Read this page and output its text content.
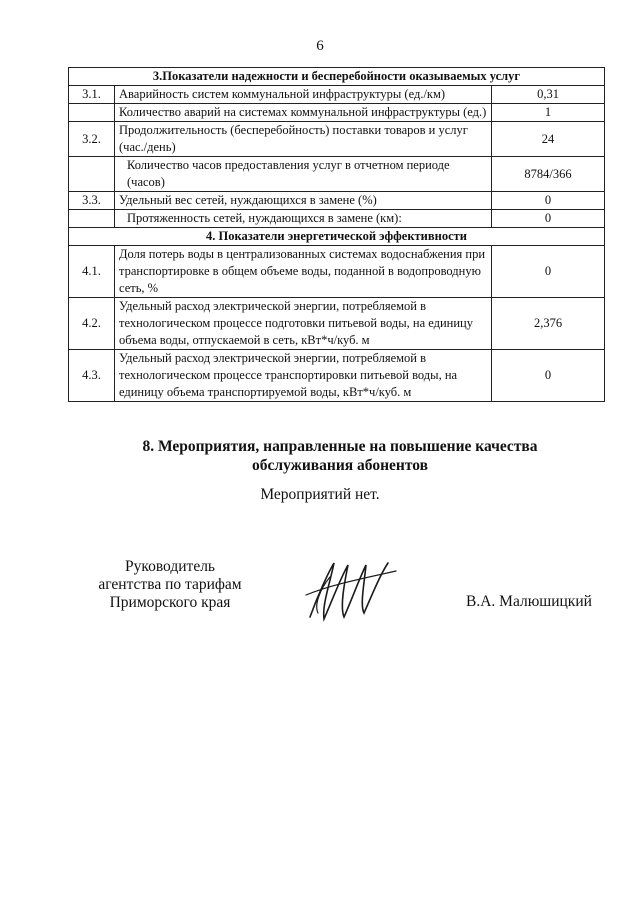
6
3.Показатели надежности и бесперебойности оказываемых услуг		
3.1.	Аварийность систем коммунальной инфраструктуры (ед./км)	0,31
	Количество аварий на системах коммунальной инфраструктуры (ед.)	1
3.2.	Продолжительность (бесперебойность) поставки товаров и услуг (час./день)	24
	Количество часов предоставления услуг в отчетном периоде (часов)	8784/366
3.3.	Удельный вес сетей, нуждающихся в замене (%)	0
	Протяженность сетей, нуждающихся в замене (км):	0
4. Показатели энергетической эффективности		
4.1.	Доля потерь воды в централизованных системах водоснабжения при транспортировке в общем объеме воды, поданной в водопроводную сеть, %	0
4.2.	Удельный расход электрической энергии, потребляемой в технологическом процессе подготовки питьевой воды, на единицу объема воды, отпускаемой в сеть, кВт*ч/куб. м	2,376
4.3.	Удельный расход электрической энергии, потребляемой в технологическом процессе транспортировки питьевой воды, на единицу объема транспортируемой воды, кВт*ч/куб. м	0
8. Мероприятия, направленные на повышение качества
обслуживания абонентов
Мероприятий нет.
Руководитель
агентства по тарифам
Приморского края	В.А. Малюшицкий
